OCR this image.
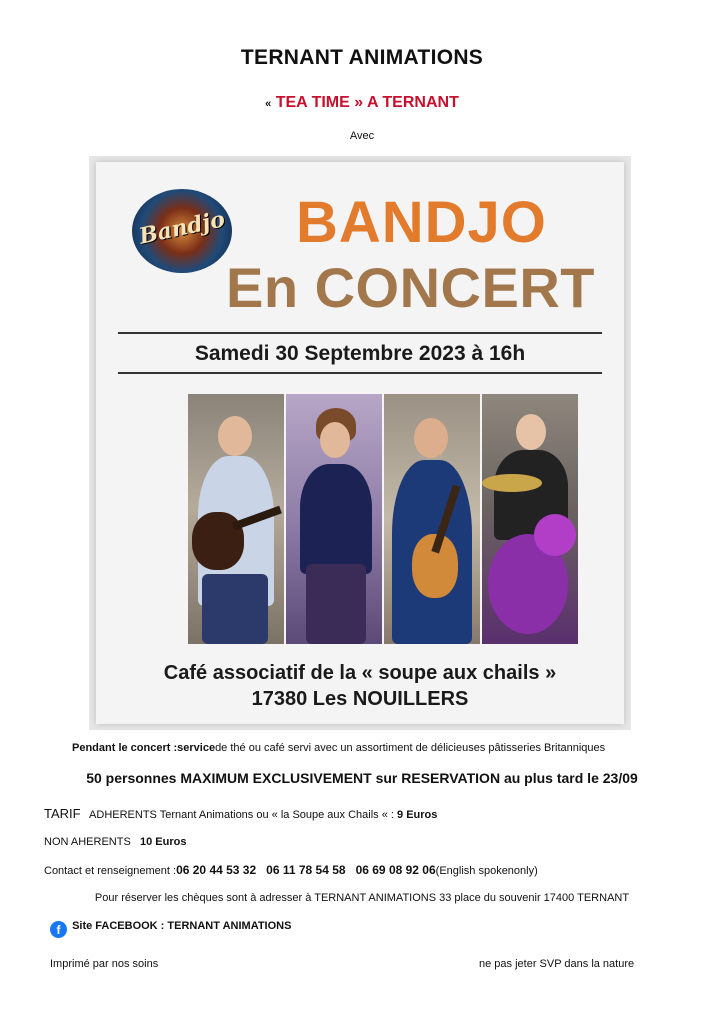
TERNANT ANIMATIONS
« TEA TIME » A TERNANT
Avec
Bandjo BANDJO
En CONCERT
Samedi 30 Septembre 2023 à 16h
Café associatif de la « soupe aux chails »
17380 Les NOUILLERS
Pendant le concert :servicede thé ou café servi avec un assortiment de délicieuses pâtisseries Britanniques
50 personnes MAXIMUM EXCLUSIVEMENT sur RESERVATION au plus tard le 23/09
TARIF ADHERENTS Ternant Animations ou « la Soupe aux Chails « : 9 Euros
NON AHERENTS 10 Euros
Contact et renseignement :06 20 44 53 32 06 11 78 54 58 06 69 08 92 06(English spokenonly)
Pour réserver les chèques sont à adresser à TERNANT ANIMATIONS 33 place du souvenir 17400 TERNANT
f Site FACEBOOK : TERNANT ANIMATIONS
Imprimé par nos soins	ne pas jeter SVP dans la nature
